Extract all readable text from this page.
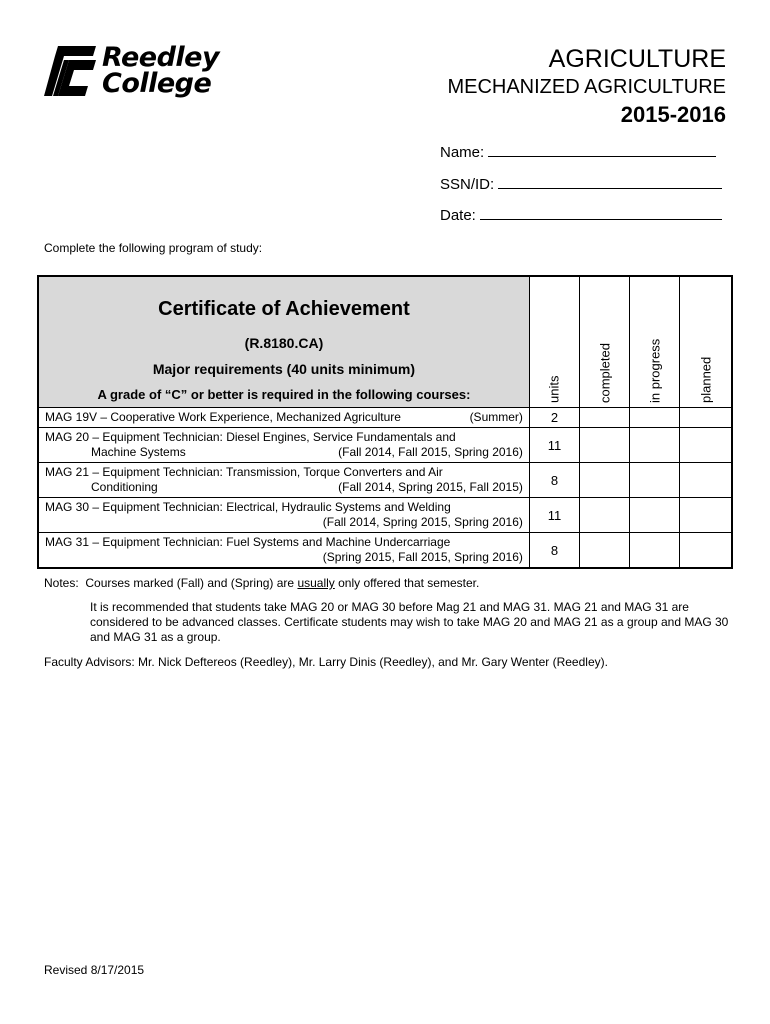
Reedley
College
AGRICULTURE
MECHANIZED AGRICULTURE
2015-2016
Name:
SSN/ID:
Date:
Complete the following program of study:
Certificate of Achievement
(R.8180.CA)
Major requirements (40 units minimum)
A grade of “C” or better is required in the following courses:	units	completed	in progress	planned

MAG 19V – Cooperative Work Experience, Mechanized Agriculture (Summer)	2			

MAG 20 – Equipment Technician: Diesel Engines, Service Fundamentals and
Machine Systems (Fall 2014, Fall 2015, Spring 2016)	11			

MAG 21 – Equipment Technician: Transmission, Torque Converters and Air
Conditioning (Fall 2014, Spring 2015, Fall 2015)	8			

MAG 30 – Equipment Technician: Electrical, Hydraulic Systems and Welding
(Fall 2014, Spring 2015, Spring 2016)	11			

MAG 31 – Equipment Technician: Fuel Systems and Machine Undercarriage
(Spring 2015, Fall 2015, Spring 2016)	8			
Notes: Courses marked (Fall) and (Spring) are usually only offered that semester.
It is recommended that students take MAG 20 or MAG 30 before Mag 21 and MAG 31. MAG 21 and MAG 31 are considered to be advanced classes. Certificate students may wish to take MAG 20 and MAG 21 as a group and MAG 30 and MAG 31 as a group.
Faculty Advisors: Mr. Nick Deftereos (Reedley), Mr. Larry Dinis (Reedley), and Mr. Gary Wenter (Reedley).
Revised 8/17/2015
